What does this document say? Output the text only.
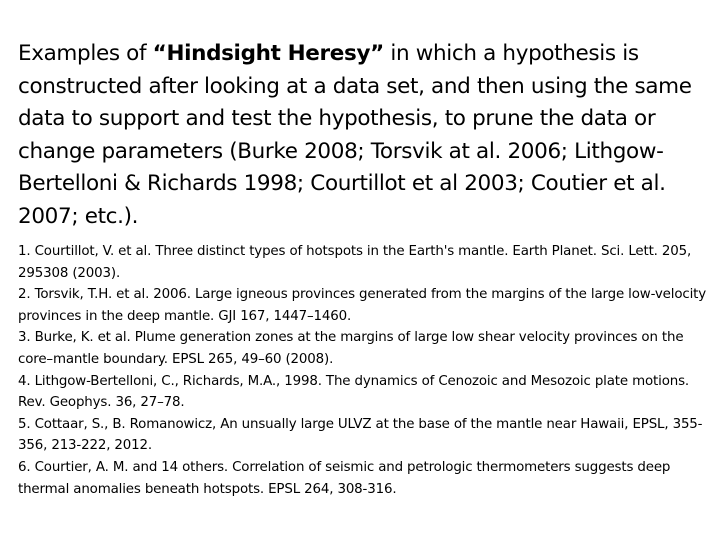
Examples of “Hindsight Heresy” in which a hypothesis is constructed after looking at a data set, and then using the same data to support and test the hypothesis, to prune the data or change parameters (Burke 2008; Torsvik at al. 2006; Lithgow-Bertelloni & Richards 1998; Courtillot et al 2003; Coutier et al. 2007; etc.).

1. Courtillot, V. et al. Three distinct types of hotspots in the Earth's mantle. Earth Planet. Sci. Lett. 205, 295308 (2003).

2. Torsvik, T.H. et al. 2006. Large igneous provinces generated from the margins of the large low-velocity provinces in the deep mantle. GJI 167, 1447–1460.

3. Burke, K. et al. Plume generation zones at the margins of large low shear velocity provinces on the core–mantle boundary. EPSL 265, 49–60 (2008).

4. Lithgow-Bertelloni, C., Richards, M.A., 1998. The dynamics of Cenozoic and Mesozoic plate motions. Rev. Geophys. 36, 27–78.

5. Cottaar, S., B. Romanowicz, An unsually large ULVZ at the base of the mantle near Hawaii, EPSL, 355-356, 213-222, 2012.

6. Courtier, A. M. and 14 others. Correlation of seismic and petrologic thermometers suggests deep thermal anomalies beneath hotspots. EPSL 264, 308-316.
